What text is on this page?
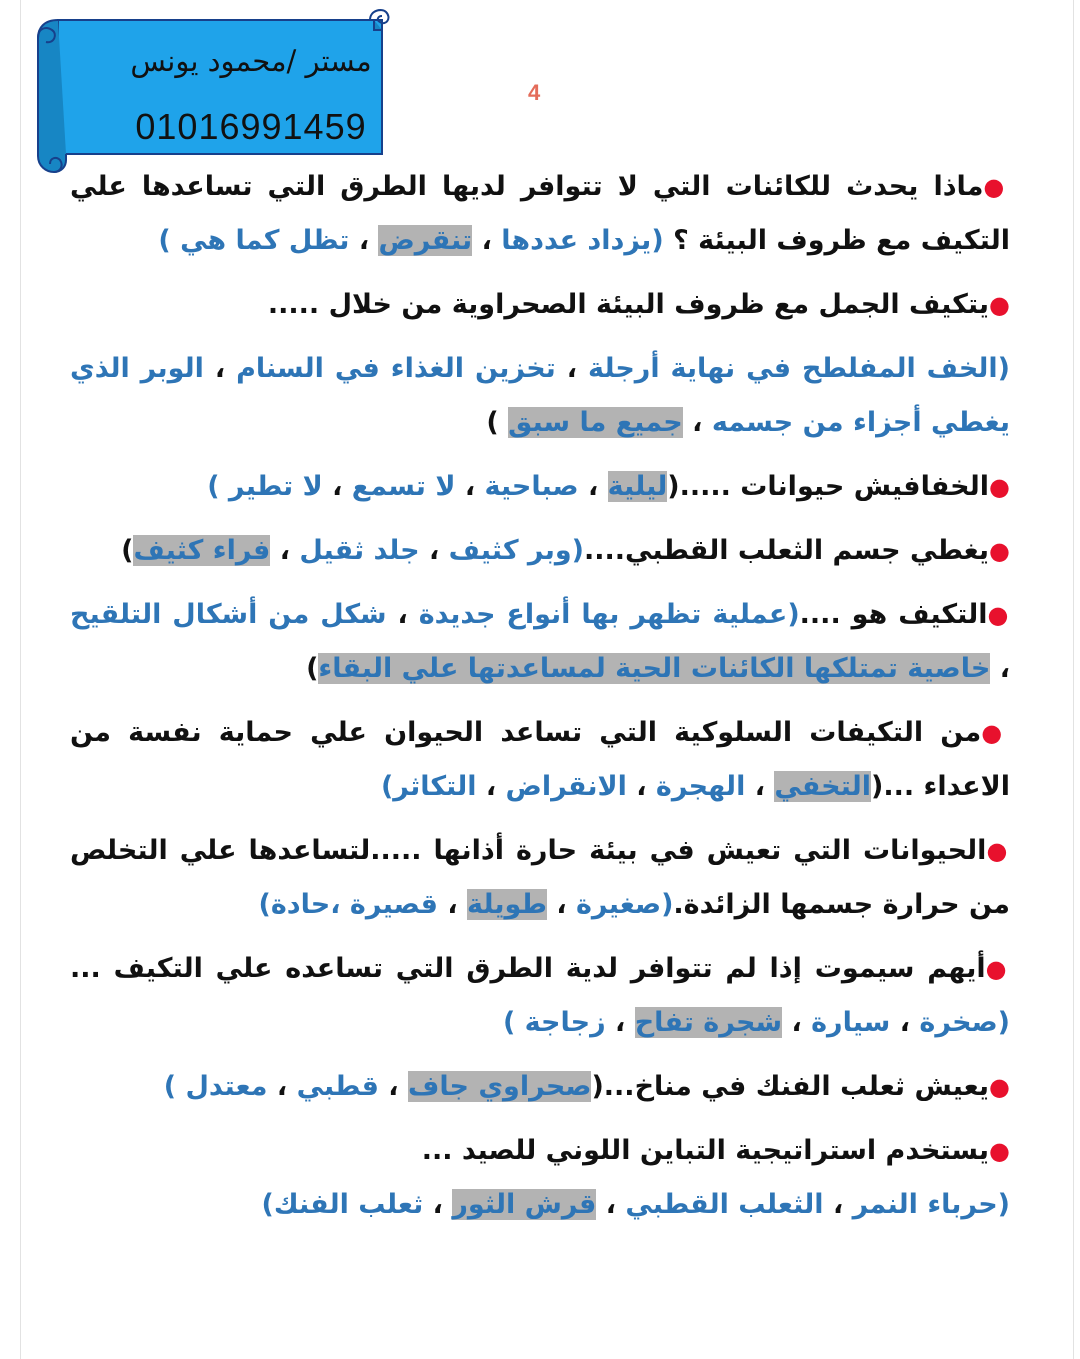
مستر /محمود يونس
01016991459
4
●ماذا يحدث للكائنات التي لا تتوافر لديها الطرق التي تساعدها علي التكيف مع ظروف البيئة ؟ (يزداد عددها ، تنقرض ، تظل كما هي )
●يتكيف الجمل مع ظروف البيئة الصحراوية من خلال .....
(الخف المفلطح في نهاية أرجلة ، تخزين الغذاء في السنام ، الوبر الذي يغطي أجزاء من جسمه ، جميع ما سبق )
●الخفافيش حيوانات .....(ليلية ، صباحية ، لا تسمع ، لا تطير )
●يغطي جسم الثعلب القطبي....(وبر كثيف ، جلد ثقيل ، فراء كثيف)
●التكيف هو ....(عملية تظهر بها أنواع جديدة ، شكل من أشكال التلقيح ، خاصية تمتلكها الكائنات الحية لمساعدتها علي البقاء)
●من التكيفات السلوكية التي تساعد الحيوان علي حماية نفسة من الاعداء ...(التخفي ، الهجرة ، الانقراض ، التكاثر)
●الحيوانات التي تعيش في بيئة حارة أذانها .....لتساعدها علي التخلص من حرارة جسمها الزائدة.(صغيرة ، طويلة ، قصيرة ،حادة)
●أيهم سيموت إذا لم تتوافر لدية الطرق التي تساعده علي التكيف ... (صخرة ، سيارة ، شجرة تفاح ، زجاجة )
●يعيش ثعلب الفنك في مناخ...(صحراوي جاف ، قطبي ، معتدل )
●يستخدم استراتيجية التباين اللوني للصيد ...
(حرباء النمر ، الثعلب القطبي ، قرش الثور ، ثعلب الفنك)
